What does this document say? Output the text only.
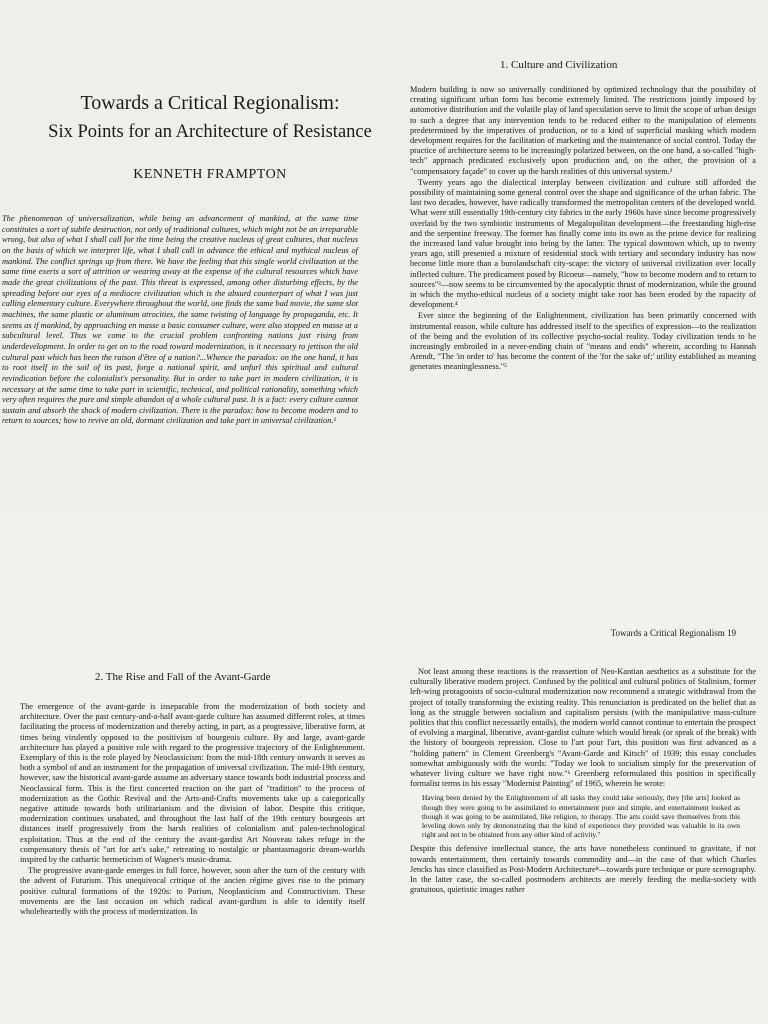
Towards a Critical Regionalism:
Six Points for an Architecture of Resistance
KENNETH FRAMPTON

The phenomenon of universalization, while being an advancement of mankind, at the same time constitutes a sort of subtle destruction, not only of traditional cultures, which might not be an irreparable wrong, but also of what I shall call for the time being the creative nucleus of great cultures, that nucleus on the basis of which we interpret life, what I shall call in advance the ethical and mythical nucleus of mankind. The conflict springs up from there. We have the feeling that this single world civilization at the same time exerts a sort of attrition or wearing away at the expense of the cultural resources which have made the great civilizations of the past. This threat is expressed, among other disturbing effects, by the spreading before our eyes of a mediocre civilization which is the absurd counterpart of what I was just calling elementary culture. Everywhere throughout the world, one finds the same bad movie, the same slot machines, the same plastic or aluminum atrocities, the same twisting of language by propaganda, etc. It seems as if mankind, by approaching en masse a basic consumer culture, were also stopped en masse at a subcultural level. Thus we come to the crucial problem confronting nations just rising from underdevelopment. In order to get on to the road toward modernization, is it necessary to jettison the old cultural past which has been the raison d'être of a nation?...Whence the paradox: on the one hand, it has to root itself in the soil of its past, forge a national spirit, and unfurl this spiritual and cultural revindication before the colonialist's personality. But in order to take part in modern civilization, it is necessary at the same time to take part in scientific, technical, and political rationality, something which very often requires the pure and simple abandon of a whole cultural past. It is a fact: every culture cannot sustain and absorb the shock of modern civilization. There is the paradox: how to become modern and to return to sources; how to revive an old, dormant civilization and take part in universal civilization.¹

1. Culture and Civilization

Modern building is now so universally conditioned by optimized technology that the possibility of creating significant urban form has become extremely limited. The restrictions jointly imposed by automotive distribution and the volatile play of land speculation serve to limit the scope of urban design to such a degree that any intervention tends to be reduced either to the manipulation of elements predetermined by the imperatives of production, or to a kind of superficial masking which modern development requires for the facilitation of marketing and the maintenance of social control. Today the practice of architecture seems to be increasingly polarized between, on the one hand, a so-called "high-tech" approach predicated exclusively upon production and, on the other, the provision of a "compensatory façade" to cover up the harsh realities of this universal system.²

Twenty years ago the dialectical interplay between civilization and culture still afforded the possibility of maintaining some general control over the shape and significance of the urban fabric. The last two decades, however, have radically transformed the metropolitan centers of the developed world. What were still essentially 19th-century city fabrics in the early 1960s have since become progressively overlaid by the two symbiotic instruments of Megalopolitan development—the freestanding high-rise and the serpentine freeway. The former has finally come into its own as the prime device for realizing the increased land value brought into being by the latter. The typical downtown which, up to twenty years ago, still presented a mixture of residential stock with tertiary and secondary industry has now become little more than a burolandschaft city-scape: the victory of universal civilization over locally inflected culture. The predicament posed by Ricoeur—namely, "how to become modern and to return to sources"³—now seems to be circumvented by the apocalyptic thrust of modernization, while the ground in which the mytho-ethical nucleus of a society might take root has been eroded by the rapacity of development.⁴

Ever since the beginning of the Enlightenment, civilization has been primarily concerned with instrumental reason, while culture has addressed itself to the specifics of expression—to the realization of the being and the evolution of its collective psycho-social reality. Today civilization tends to be increasingly embroiled in a never-ending chain of "means and ends" wherein, according to Hannah Arendt, "The 'in order to' has become the content of the 'for the sake of;' utility established as meaning generates meaninglessness."⁵

2. The Rise and Fall of the Avant-Garde

The emergence of the avant-garde is inseparable from the modernization of both society and architecture. Over the past century-and-a-half avant-garde culture has assumed different roles, at times facilitating the process of modernization and thereby acting, in part, as a progressive, liberative form, at times being virulently opposed to the positivism of bourgeois culture. By and large, avant-garde architecture has played a positive role with regard to the progressive trajectory of the Enlightenment. Exemplary of this is the role played by Neoclassicism: from the mid-18th century onwards it serves as both a symbol of and an instrument for the propagation of universal civilization. The mid-19th century, however, saw the historical avant-garde assume an adversary stance towards both industrial process and Neoclassical form. This is the first concerted reaction on the part of "tradition" to the process of modernization as the Gothic Revival and the Arts-and-Crafts movements take up a categorically negative attitude towards both utilitarianism and the division of labor. Despite this critique, modernization continues unabated, and throughout the last half of the 19th century bourgeois art distances itself progressively from the harsh realities of colonialism and paleo-technological exploitation. Thus at the end of the century the avant-gardist Art Nouveau takes refuge in the compensatory thesis of "art for art's sake," retreating to nostalgic or phantasmagoric dream-worlds inspired by the cathartic hermeticism of Wagner's music-drama.

The progressive avant-garde emerges in full force, however, soon after the turn of the century with the advent of Futurism. This unequivocal critique of the ancien régime gives rise to the primary positive cultural formations of the 1920s: to Purism, Neoplasticism and Constructivism. These movements are the last occasion on which radical avant-gardism is able to identify itself wholeheartedly with the process of modernization. In

Towards a Critical Regionalism 19

Not least among these reactions is the reassertion of Neo-Kantian aesthetics as a substitute for the culturally liberative modern project. Confused by the political and cultural politics of Stalinism, former left-wing protagonists of socio-cultural modernization now recommend a strategic withdrawal from the project of totally transforming the existing reality. This renunciation is predicated on the belief that as long as the struggle between socialism and capitalism persists (with the manipulative mass-culture politics that this conflict necessarily entails), the modern world cannot continue to entertain the prospect of evolving a marginal, liberative, avant-gardist culture which would break (or speak of the break) with the history of bourgeois repression. Close to l'art pour l'art, this position was first advanced as a "holding pattern" in Clement Greenberg's "Avant-Garde and Kitsch" of 1939; this essay concludes somewhat ambiguously with the words: "Today we look to socialism simply for the preservation of whatever living culture we have right now."⁶ Greenberg reformulated this position in specifically formalist terms in his essay "Modernist Painting" of 1965, wherein he wrote:

Having been denied by the Enlightenment of all tasks they could take seriously, they [the arts] looked as though they were going to be assimilated to entertainment pure and simple, and entertainment looked as though it was going to be assimilated, like religion, to therapy. The arts could save themselves from this leveling down only by demonstrating that the kind of experience they provided was valuable in its own right and not to be obtained from any other kind of activity.⁷

Despite this defensive intellectual stance, the arts have nonetheless continued to gravitate, if not towards entertainment, then certainly towards commodity and—in the case of that which Charles Jencks has since classified as Post-Modern Architecture⁸—towards pure technique or pure scenography. In the latter case, the so-called postmodern architects are merely feeding the media-society with gratuitous, quietistic images rather
